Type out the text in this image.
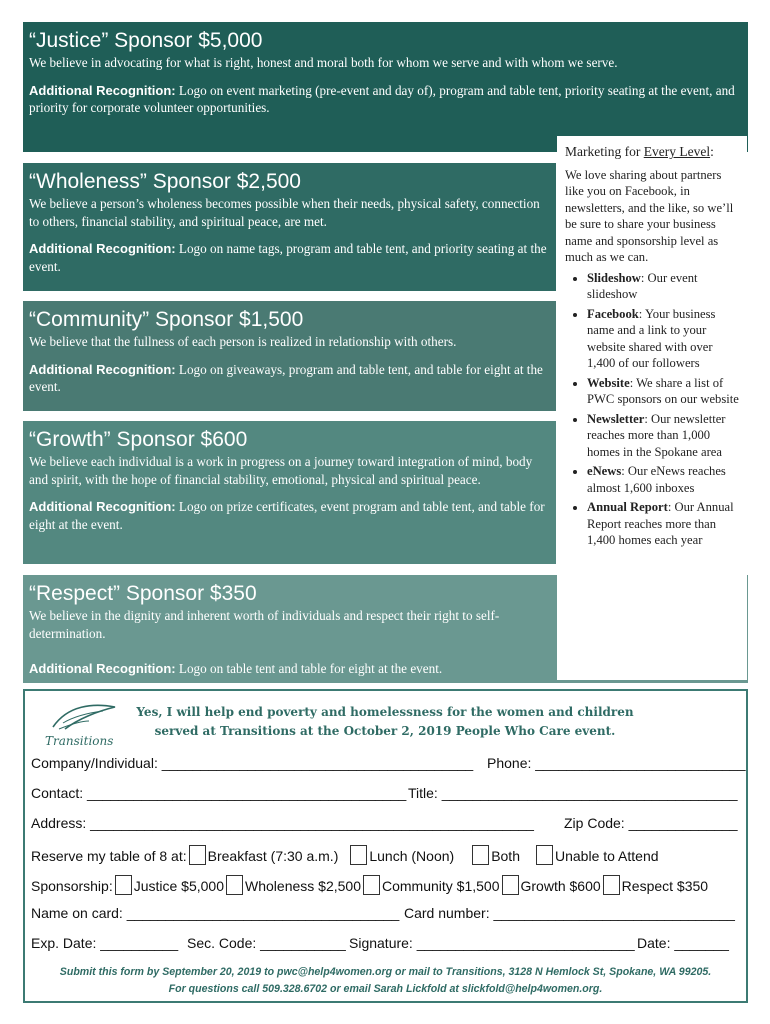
“Justice” Sponsor $5,000

We believe in advocating for what is right, honest and moral both for whom we serve and with whom we serve.

Additional Recognition: Logo on event marketing (pre-event and day of), program and table tent, priority seating at the event, and priority for corporate volunteer opportunities.

“Wholeness” Sponsor $2,500

We believe a person’s wholeness becomes possible when their needs, physical safety, connection to others, financial stability, and spiritual peace, are met.

Additional Recognition: Logo on name tags, program and table tent, and priority seating at the event.

“Community” Sponsor $1,500

We believe that the fullness of each person is realized in relationship with others.

Additional Recognition: Logo on giveaways, program and table tent, and table for eight at the event.

“Growth” Sponsor $600

We believe each individual is a work in progress on a journey toward integration of mind, body and spirit, with the hope of financial stability, emotional, physical and spiritual peace.

Additional Recognition: Logo on prize certificates, event program and table tent, and table for eight at the event.

“Respect” Sponsor $350

We believe in the dignity and inherent worth of individuals and respect their right to self-determination.

Additional Recognition: Logo on table tent and table for eight at the event.

Marketing for Every Level:
We love sharing about partners like you on Facebook, in newsletters, and the like, so we’ll be sure to share your business name and sponsorship level as much as we can.
• Slideshow: Our event slideshow
• Facebook: Your business name and a link to your website shared with over 1,400 of our followers
• Website: We share a list of PWC sponsors on our website
• Newsletter: Our newsletter reaches more than 1,000 homes in the Spokane area
• eNews: Our eNews reaches almost 1,600 inboxes
• Annual Report: Our Annual Report reaches more than 1,400 homes each year
Transitions
Yes, I will help end poverty and homelessness for the women and children
served at Transitions at the October 2, 2019 People Who Care event.
Company/Individual: ________________________________________ Phone: ___________________________
Contact: _________________________________________ Title: ______________________________________
Address: _________________________________________________________ Zip Code: ______________
Reserve my table of 8 at: Breakfast (7:30 a.m.) Lunch (Noon)	Both	Unable to Attend
Sponsorship: Justice $5,000 Wholeness $2,500 Community $1,500 Growth $600 Respect $350
Name on card: ___________________________________ Card number: _______________________________
Exp. Date: __________ Sec. Code: ___________ Signature: ____________________________ Date: _______
Submit this form by September 20, 2019 to pwc@help4women.org or mail to Transitions, 3128 N Hemlock St, Spokane, WA 99205.
For questions call 509.328.6702 or email Sarah Lickfold at slickfold@help4women.org.
